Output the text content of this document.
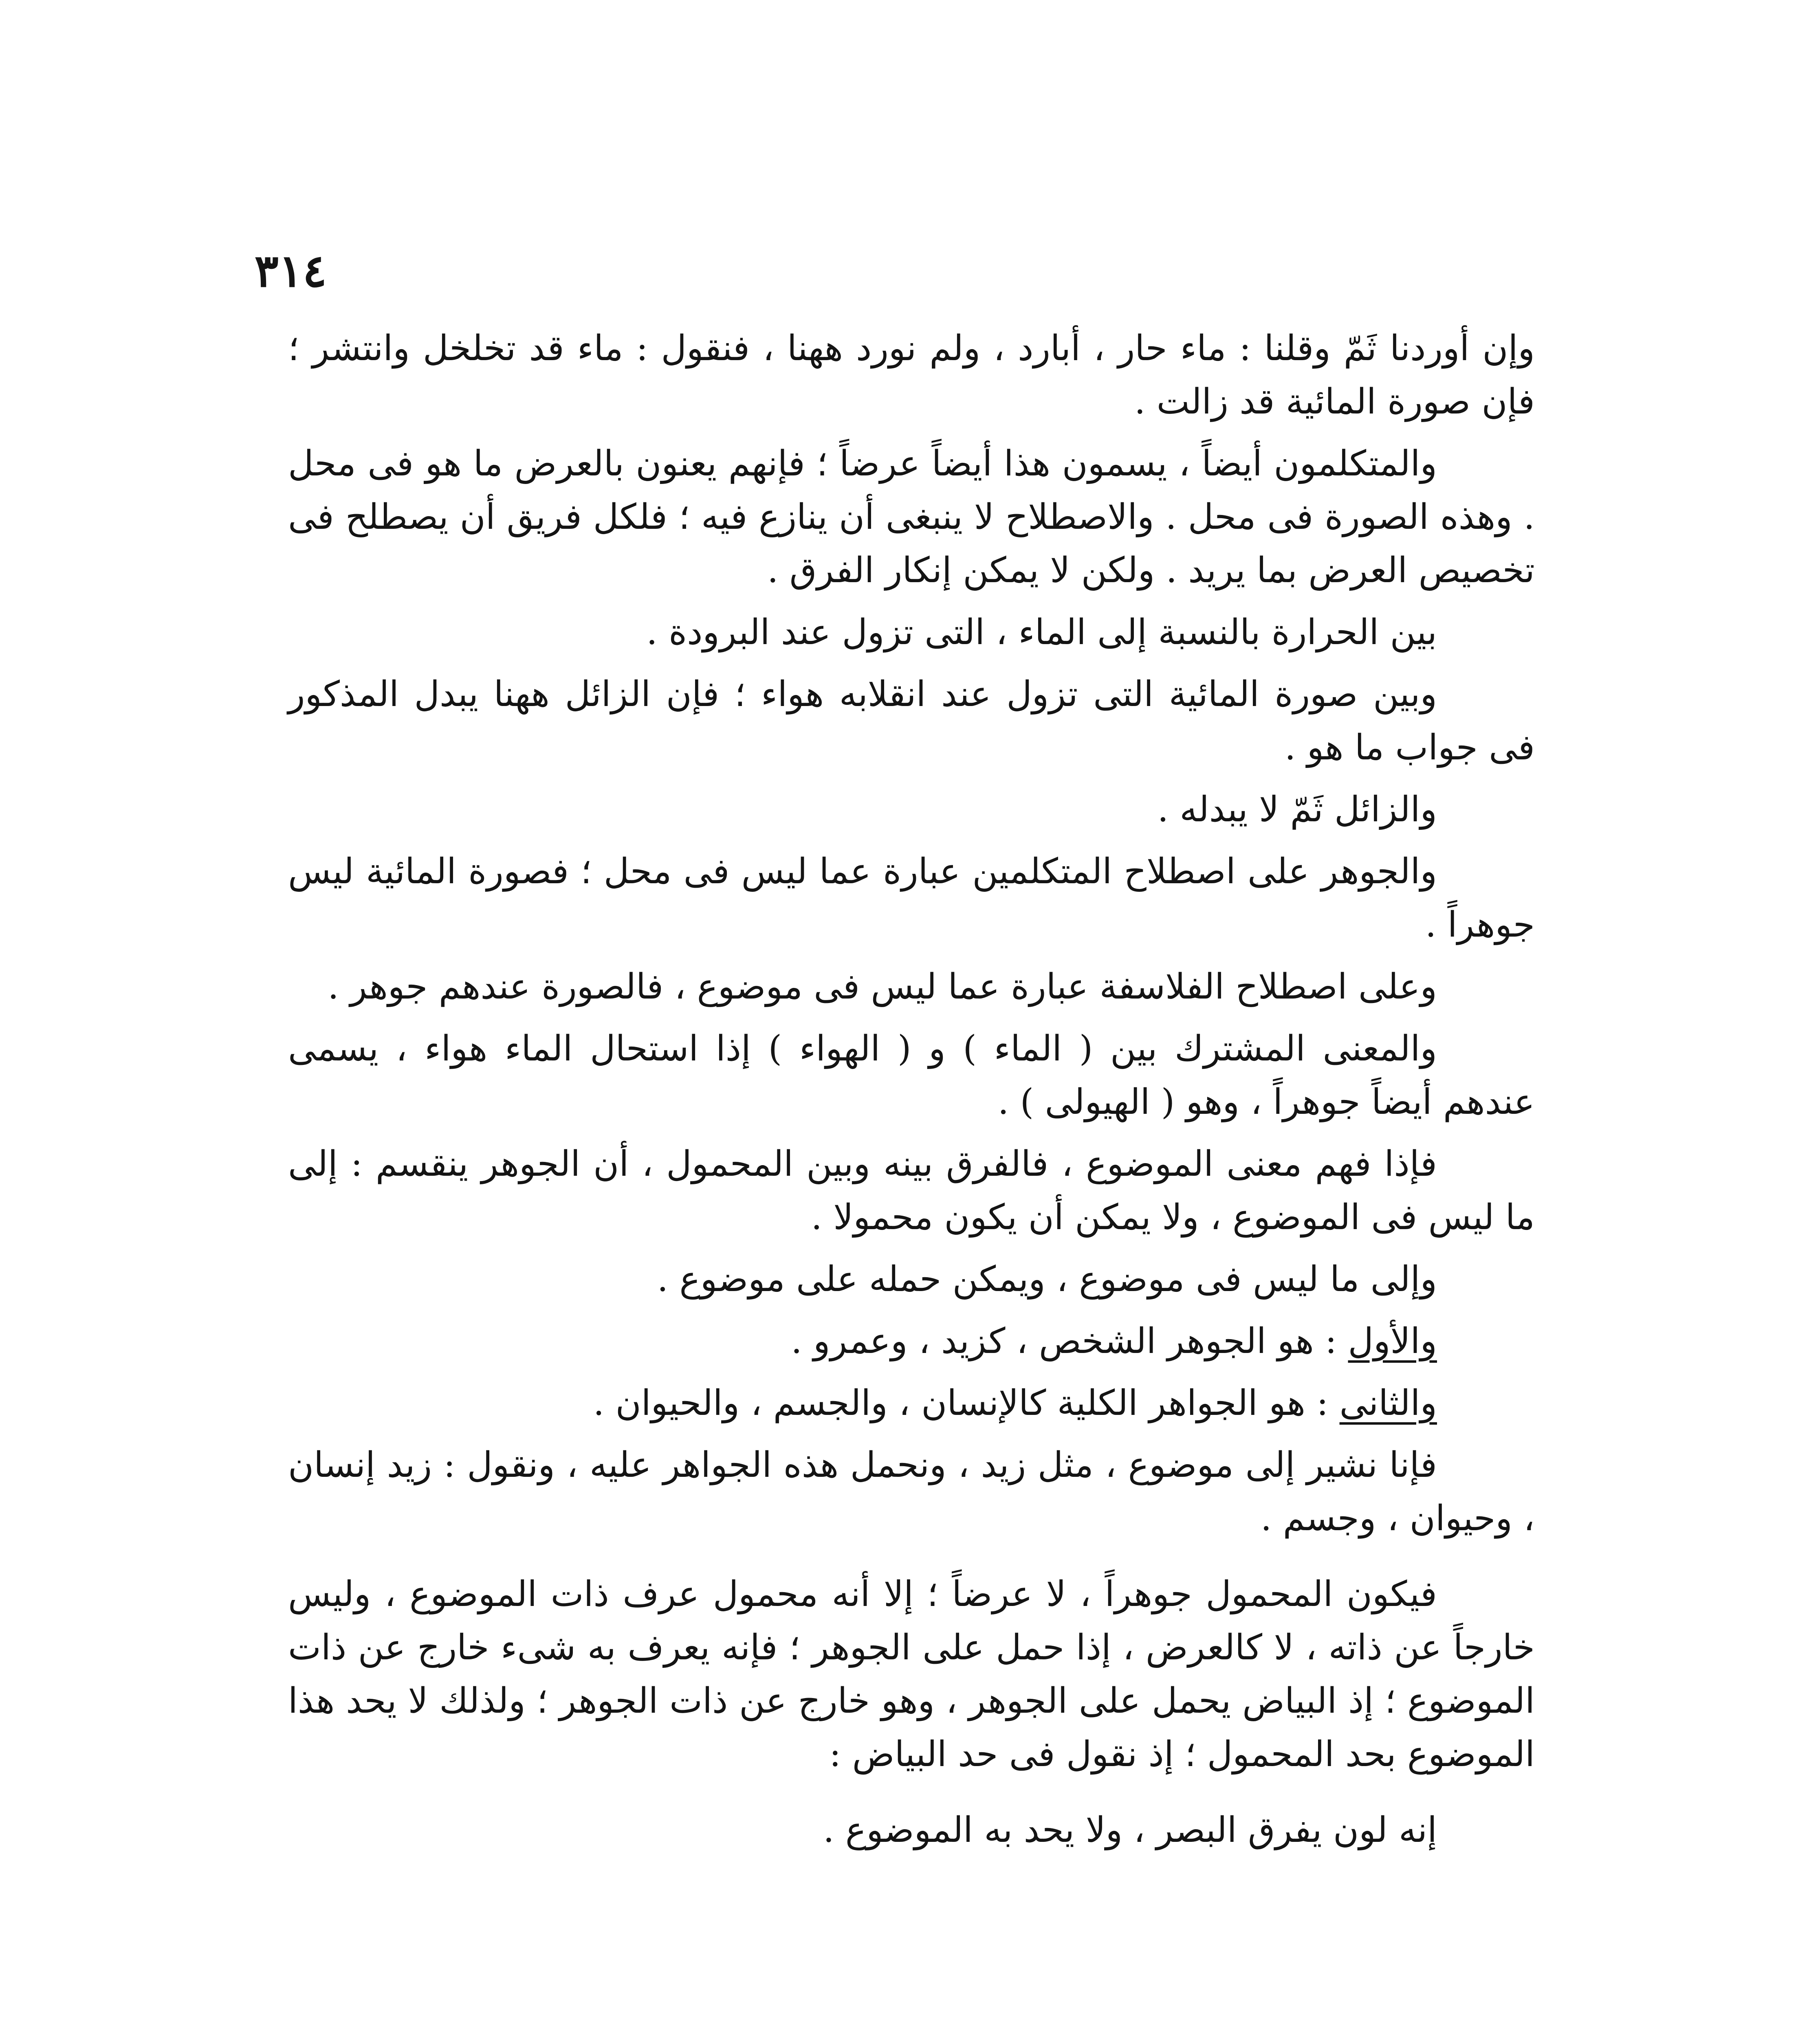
٣١٤

وإن أوردنا ثَمّ وقلنا : ماء حار ، أبارد ، ولم نورد ههنا ، فنقول : ماء قد تخلخل وانتشر ؛ فإن صورة المائية قد زالت .

والمتكلمون أيضاً ، يسمون هذا أيضاً عرضاً ؛ فإنهم يعنون بالعرض ما هو فى محل . وهذه الصورة فى محل . والاصطلاح لا ينبغى أن ينازع فيه ؛ فلكل فريق أن يصطلح فى تخصيص العرض بما يريد . ولكن لا يمكن إنكار الفرق .

بين الحرارة بالنسبة إلى الماء ، التى تزول عند البرودة .

وبين صورة المائية التى تزول عند انقلابه هواء ؛ فإن الزائل ههنا يبدل المذكور فى جواب ما هو .

والزائل ثَمّ لا يبدله .

والجوهر على اصطلاح المتكلمين عبارة عما ليس فى محل ؛ فصورة المائية ليس جوهراً .

وعلى اصطلاح الفلاسفة عبارة عما ليس فى موضوع ، فالصورة عندهم جوهر .

والمعنى المشترك بين ( الماء ) و ( الهواء ) إذا استحال الماء هواء ، يسمى عندهم أيضاً جوهراً ، وهو ( الهيولى ) .

فإذا فهم معنى الموضوع ، فالفرق بينه وبين المحمول ، أن الجوهر ينقسم : إلى ما ليس فى الموضوع ، ولا يمكن أن يكون محمولا .

وإلى ما ليس فى موضوع ، ويمكن حمله على موضوع .

والأول : هو الجوهر الشخص ، كزيد ، وعمرو .

والثانى : هو الجواهر الكلية كالإنسان ، والجسم ، والحيوان .

فإنا نشير إلى موضوع ، مثل زيد ، ونحمل هذه الجواهر عليه ، ونقول : زيد إنسان ، وحيوان ، وجسم .

فيكون المحمول جوهراً ، لا عرضاً ؛ إلا أنه محمول عرف ذات الموضوع ، وليس خارجاً عن ذاته ، لا كالعرض ، إذا حمل على الجوهر ؛ فإنه يعرف به شىء خارج عن ذات الموضوع ؛ إذ البياض يحمل على الجوهر ، وهو خارج عن ذات الجوهر ؛ ولذلك لا يحد هذا الموضوع بحد المحمول ؛ إذ نقول فى حد البياض :

إنه لون يفرق البصر ، ولا يحد به الموضوع .
